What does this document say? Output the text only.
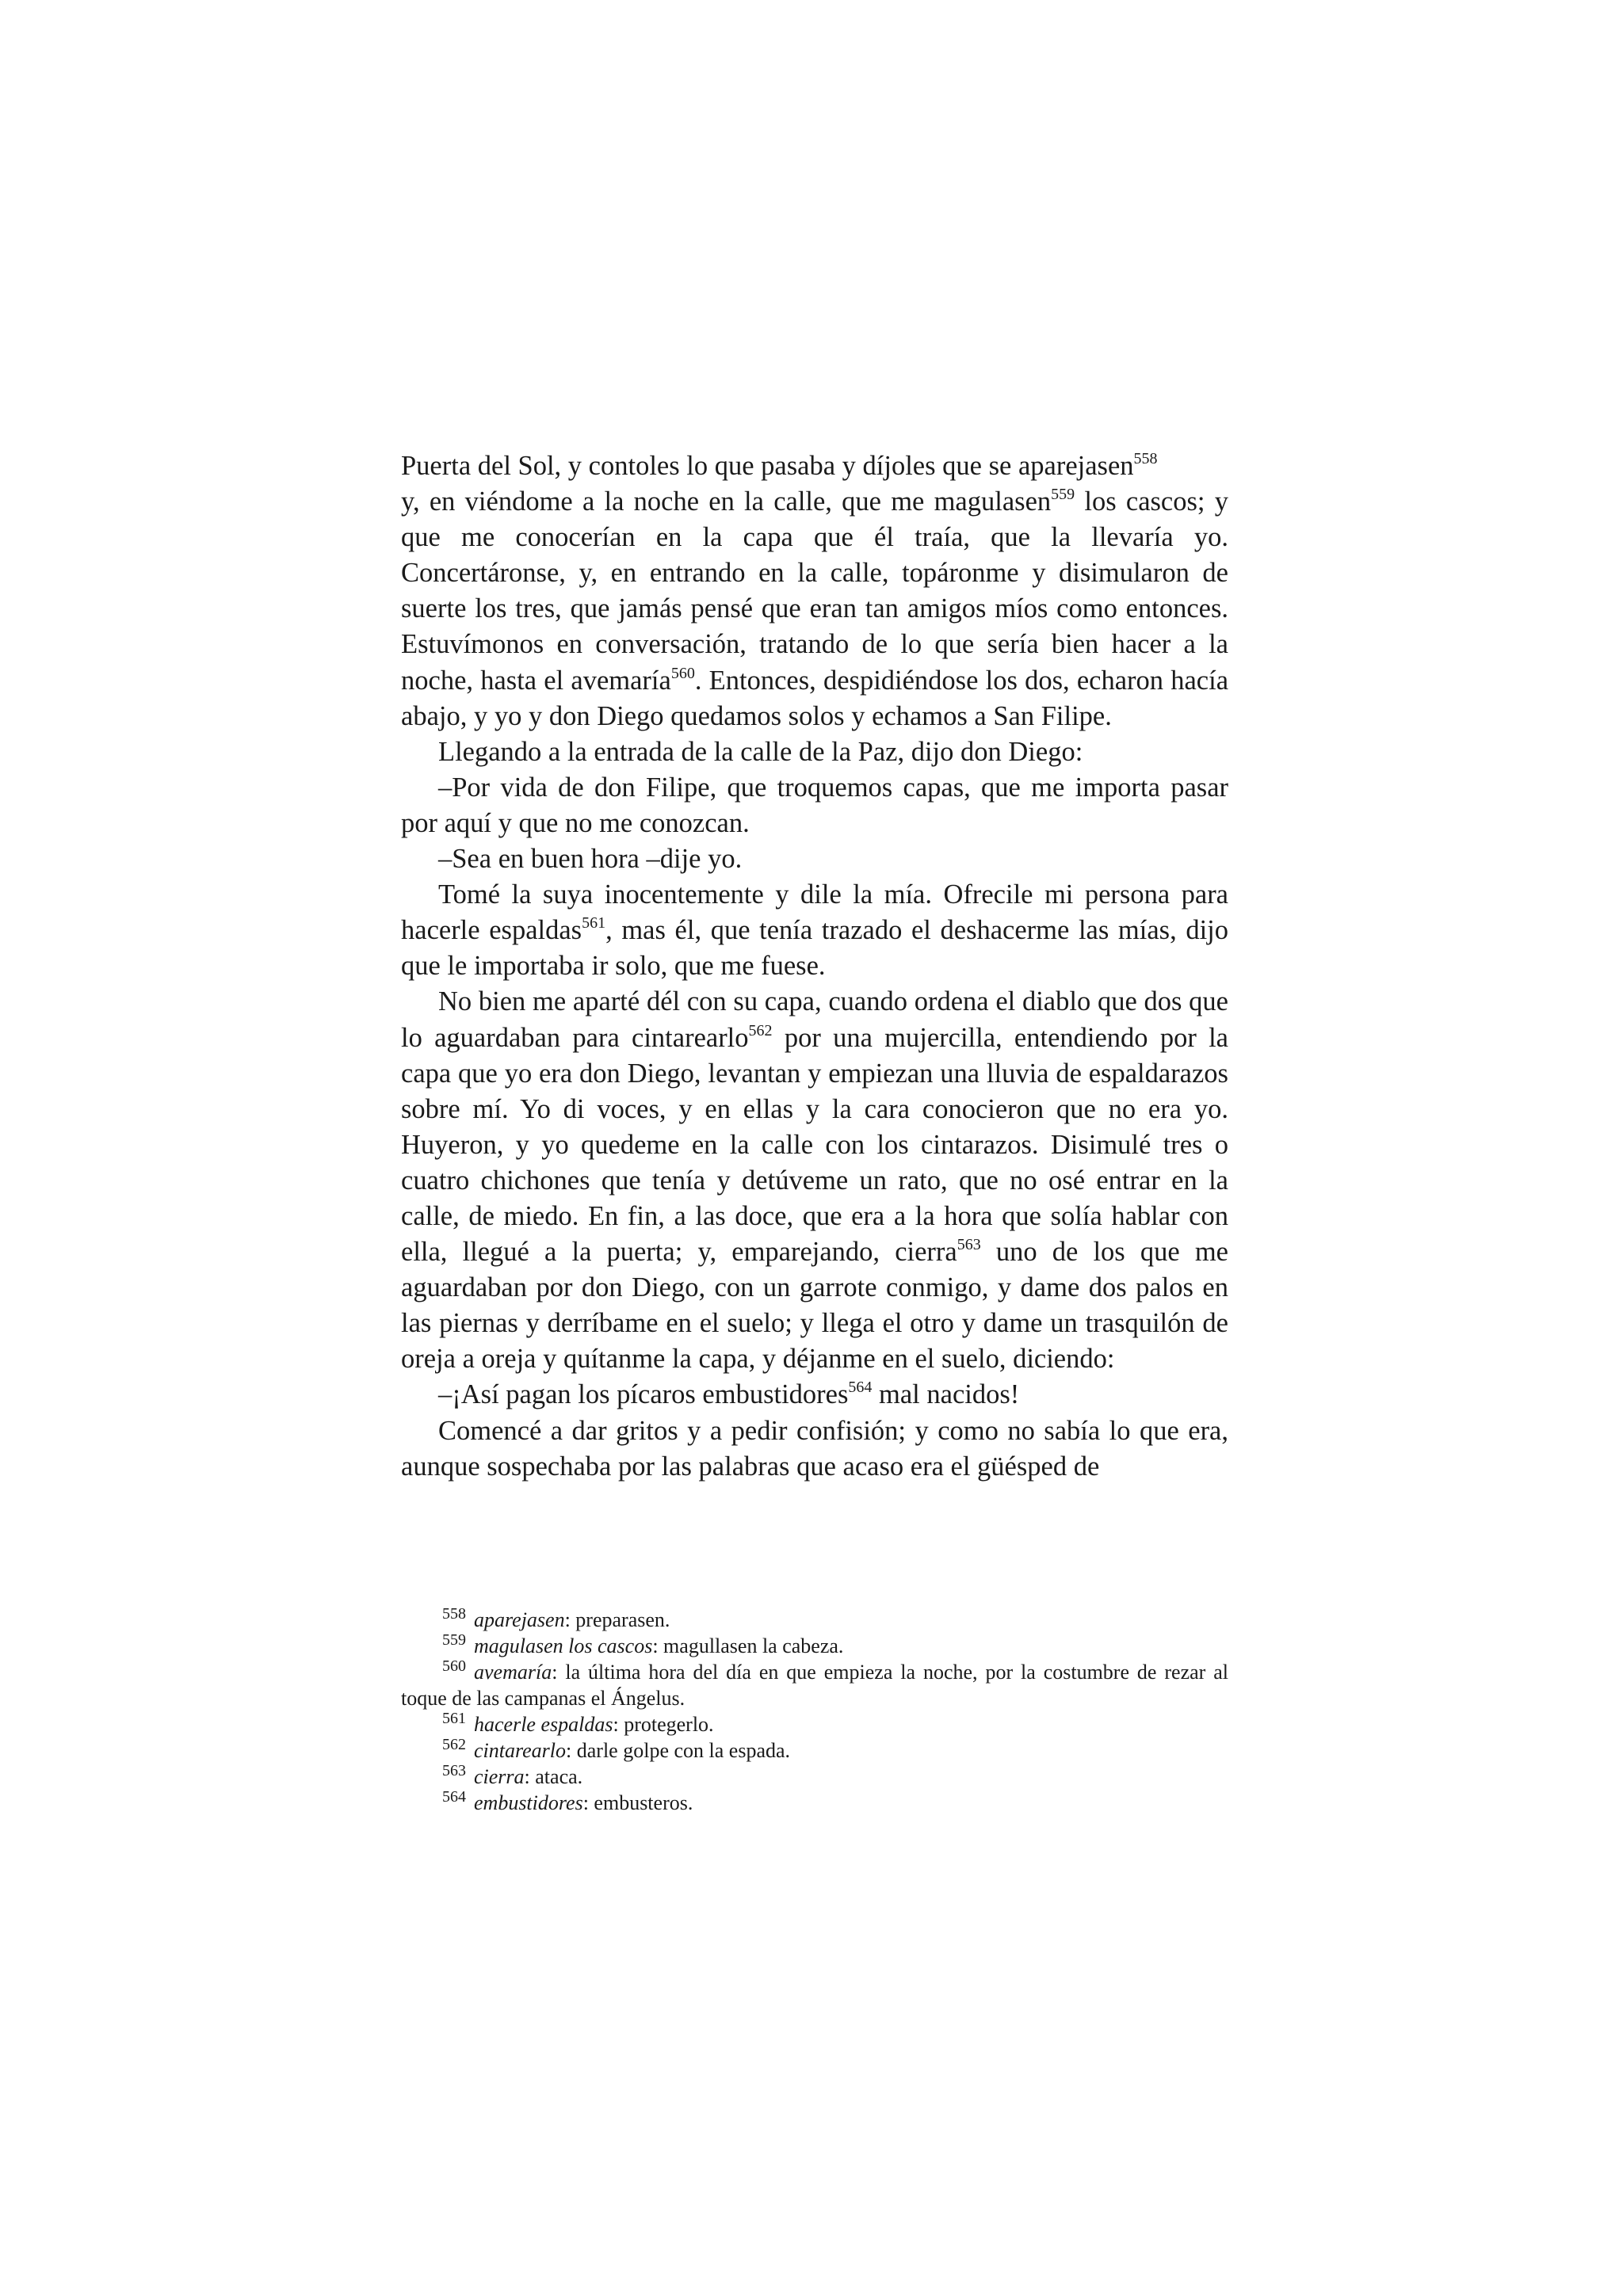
Puerta del Sol, y contoles lo que pasaba y díjoles que se aparejasen$^{558}$
y, en viéndome a la noche en la calle, que me magulasen$^{559}$ los cascos; y que me conocerían en la capa que él traía, que la llevaría yo. Concertáronse, y, en entrando en la calle, topáronme y disimularon de suerte los tres, que jamás pensé que eran tan amigos míos como entonces. Estuvímonos en conversación, tratando de lo que sería bien hacer a la noche, hasta el avemaría$^{560}$. Entonces, despidiéndose los dos, echaron hacía abajo, y yo y don Diego quedamos solos y echamos a San Filipe.

Llegando a la entrada de la calle de la Paz, dijo don Diego:

–Por vida de don Filipe, que troquemos capas, que me importa pasar por aquí y que no me conozcan.

–Sea en buen hora –dije yo.

Tomé la suya inocentemente y dile la mía. Ofrecile mi persona para hacerle espaldas$^{561}$, mas él, que tenía trazado el deshacerme las mías, dijo que le importaba ir solo, que me fuese.

No bien me aparté dél con su capa, cuando ordena el diablo que dos que lo aguardaban para cintarearlo$^{562}$ por una mujercilla, entendiendo por la capa que yo era don Diego, levantan y empiezan una lluvia de espaldarazos sobre mí. Yo di voces, y en ellas y la cara conocieron que no era yo. Huyeron, y yo quedeme en la calle con los cintarazos. Disimulé tres o cuatro chichones que tenía y detúveme un rato, que no osé entrar en la calle, de miedo. En fin, a las doce, que era a la hora que solía hablar con ella, llegué a la puerta; y, emparejando, cierra$^{563}$ uno de los que me aguardaban por don Diego, con un garrote conmigo, y dame dos palos en las piernas y derríbame en el suelo; y llega el otro y dame un trasquilón de oreja a oreja y quítanme la capa, y déjanme en el suelo, diciendo:

–¡Así pagan los pícaros embustidores$^{564}$ mal nacidos!

Comencé a dar gritos y a pedir confisión; y como no sabía lo que era, aunque sospechaba por las palabras que acaso era el güésped de

$^{558}$ aparejasen: preparasen.

$^{559}$ magulasen los cascos: magullasen la cabeza.

$^{560}$ avemaría: la última hora del día en que empieza la noche, por la costumbre de rezar al toque de las campanas el Ángelus.

$^{561}$ hacerle espaldas: protegerlo.

$^{562}$ cintarearlo: darle golpe con la espada.

$^{563}$ cierra: ataca.

$^{564}$ embustidores: embusteros.
